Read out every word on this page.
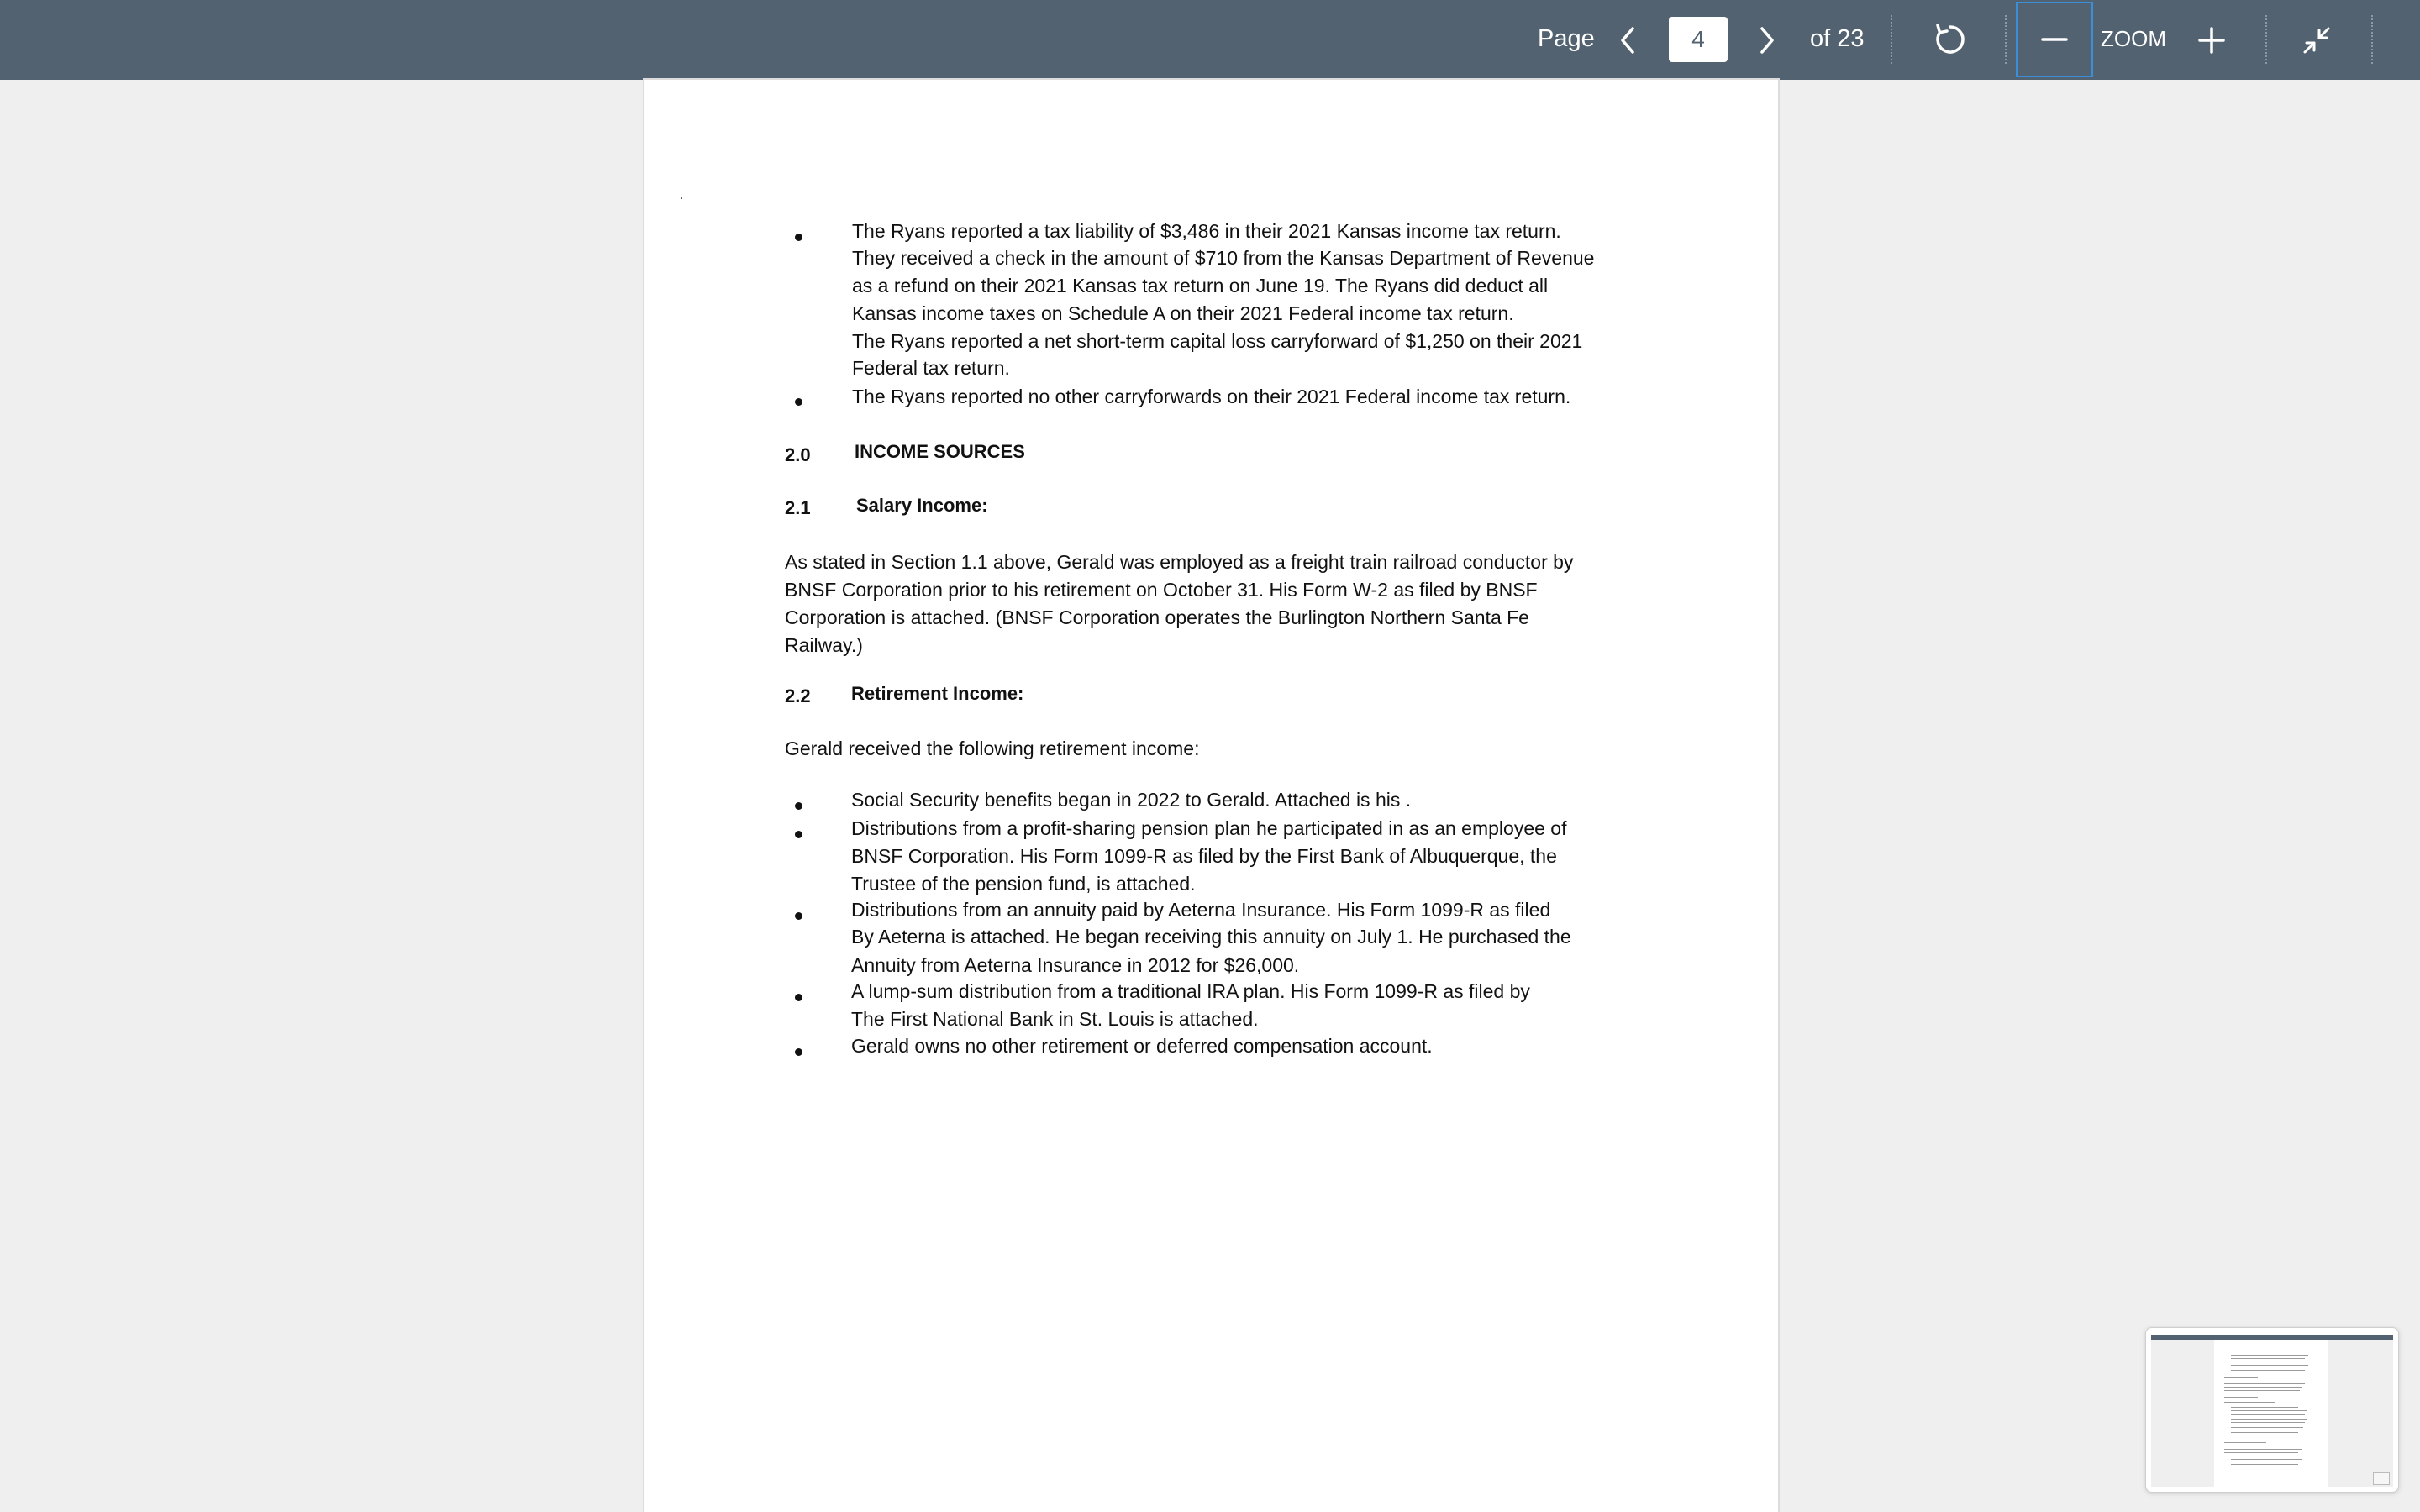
Page
4	of 23	ZOOM
The Ryans reported a tax liability of $3,486 in their 2021 Kansas income tax return.
They received a check in the amount of $710 from the Kansas Department of Revenue
as a refund on their 2021 Kansas tax return on June 19. The Ryans did deduct all
Kansas income taxes on Schedule A on their 2021 Federal income tax return.
The Ryans reported a net short-term capital loss carryforward of $1,250 on their 2021
Federal tax return.
The Ryans reported no other carryforwards on their 2021 Federal income tax return.
2.0 INCOME SOURCES
2.1 Salary Income:
As stated in Section 1.1 above, Gerald was employed as a freight train railroad conductor by
BNSF Corporation prior to his retirement on October 31. His Form W-2 as filed by BNSF
Corporation is attached. (BNSF Corporation operates the Burlington Northern Santa Fe
Railway.)
2.2 Retirement Income:
Gerald received the following retirement income:
Social Security benefits began in 2022 to Gerald. Attached is his .
Distributions from a profit-sharing pension plan he participated in as an employee of
BNSF Corporation. His Form 1099-R as filed by the First Bank of Albuquerque, the
Trustee of the pension fund, is attached.
Distributions from an annuity paid by Aeterna Insurance. His Form 1099-R as filed
By Aeterna is attached. He began receiving this annuity on July 1. He purchased the
Annuity from Aeterna Insurance in 2012 for $26,000.
A lump-sum distribution from a traditional IRA plan. His Form 1099-R as filed by
The First National Bank in St. Louis is attached.
Gerald owns no other retirement or deferred compensation account.
